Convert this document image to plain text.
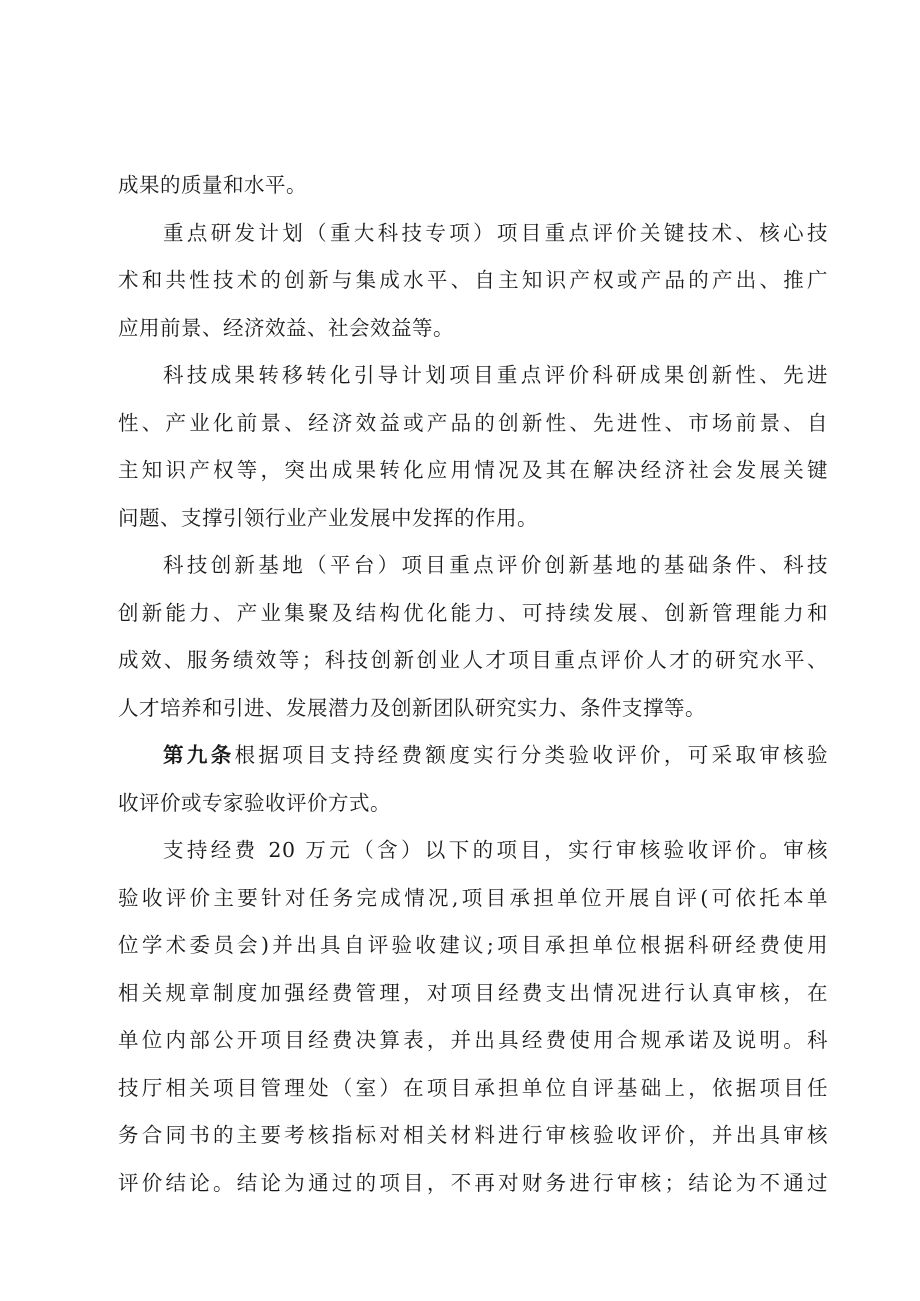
成果的质量和水平。
重点研发计划（重大科技专项）项目重点评价关键技术、核心技
术和共性技术的创新与集成水平、自主知识产权或产品的产出、推广
应用前景、经济效益、社会效益等。
科技成果转移转化引导计划项目重点评价科研成果创新性、先进
性、产业化前景、经济效益或产品的创新性、先进性、市场前景、自
主知识产权等，突出成果转化应用情况及其在解决经济社会发展关键
问题、支撑引领行业产业发展中发挥的作用。
科技创新基地（平台）项目重点评价创新基地的基础条件、科技
创新能力、产业集聚及结构优化能力、可持续发展、创新管理能力和
成效、服务绩效等；科技创新创业人才项目重点评价人才的研究水平、
人才培养和引进、发展潜力及创新团队研究实力、条件支撑等。
第九条根据项目支持经费额度实行分类验收评价，可采取审核验
收评价或专家验收评价方式。
支持经费 20 万元（含）以下的项目，实行审核验收评价。审核
验收评价主要针对任务完成情况,项目承担单位开展自评(可依托本单
位学术委员会)并出具自评验收建议;项目承担单位根据科研经费使用
相关规章制度加强经费管理，对项目经费支出情况进行认真审核，在
单位内部公开项目经费决算表，并出具经费使用合规承诺及说明。科
技厅相关项目管理处（室）在项目承担单位自评基础上，依据项目任
务合同书的主要考核指标对相关材料进行审核验收评价，并出具审核
评价结论。结论为通过的项目，不再对财务进行审核；结论为不通过
